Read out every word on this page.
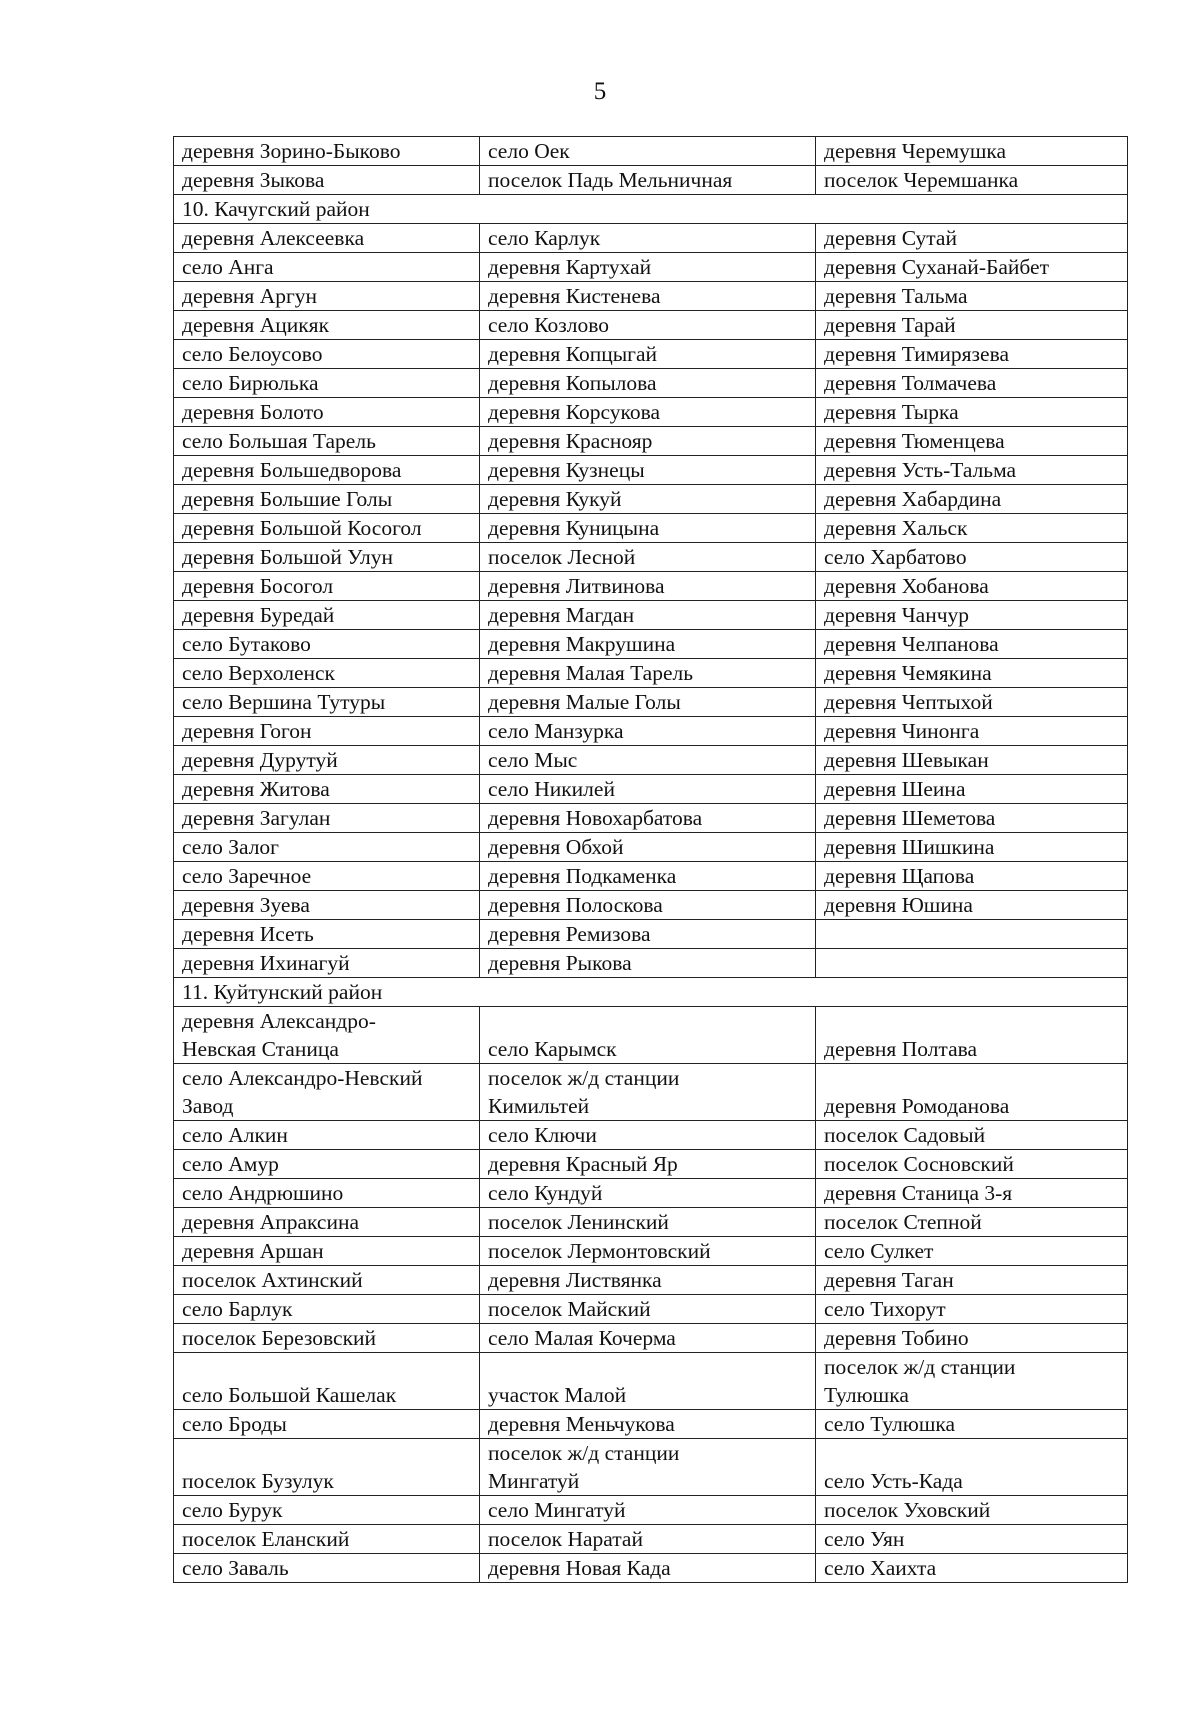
5
деревня Зорино-Быково	село Оек	деревня Черемушка

деревня Зыкова	поселок Падь Мельничная	поселок Черемшанка

10. Качугский район		

деревня Алексеевка	село Карлук	деревня Сутай

село Анга	деревня Картухай	деревня Суханай-Байбет

деревня Аргун	деревня Кистенева	деревня Тальма

деревня Ацикяк	село Козлово	деревня Тарай

село Белоусово	деревня Копцыгай	деревня Тимирязева

село Бирюлька	деревня Копылова	деревня Толмачева

деревня Болото	деревня Корсукова	деревня Тырка

село Большая Тарель	деревня Краснояр	деревня Тюменцева

деревня Большедворова	деревня Кузнецы	деревня Усть-Тальма

деревня Большие Голы	деревня Кукуй	деревня Хабардина

деревня Большой Косогол	деревня Куницына	деревня Хальск

деревня Большой Улун	поселок Лесной	село Харбатово

деревня Босогол	деревня Литвинова	деревня Хобанова

деревня Буредай	деревня Магдан	деревня Чанчур

село Бутаково	деревня Макрушина	деревня Челпанова

село Верхоленск	деревня Малая Тарель	деревня Чемякина

село Вершина Тутуры	деревня Малые Голы	деревня Чептыхой

деревня Гогон	село Манзурка	деревня Чинонга

деревня Дурутуй	село Мыс	деревня Шевыкан

деревня Житова	село Никилей	деревня Шеина

деревня Загулан	деревня Новохарбатова	деревня Шеметова

село Залог	деревня Обхой	деревня Шишкина

село Заречное	деревня Подкаменка	деревня Щапова

деревня Зуева	деревня Полоскова	деревня Юшина

деревня Исеть	деревня Ремизова	

деревня Ихинагуй	деревня Рыкова	

11. Куйтунский район		

деревня Александро-
Невская Станица	село Карымск	деревня Полтава

село Александро-Невский
Завод	поселок ж/д станции
Кимильтей	деревня Ромоданова

село Алкин	село Ключи	поселок Садовый

село Амур	деревня Красный Яр	поселок Сосновский

село Андрюшино	село Кундуй	деревня Станица 3-я

деревня Апраксина	поселок Ленинский	поселок Степной

деревня Аршан	поселок Лермонтовский	село Сулкет

поселок Ахтинский	деревня Листвянка	деревня Таган

село Барлук	поселок Майский	село Тихорут

поселок Березовский	село Малая Кочерма	деревня Тобино

село Большой Кашелак	участок Малой	поселок ж/д станции
Тулюшка

село Броды	деревня Меньчукова	село Тулюшка

поселок Бузулук	поселок ж/д станции
Мингатуй	село Усть-Када

село Бурук	село Мингатуй	поселок Уховский

поселок Еланский	поселок Наратай	село Уян

село Заваль	деревня Новая Када	село Хаихта
